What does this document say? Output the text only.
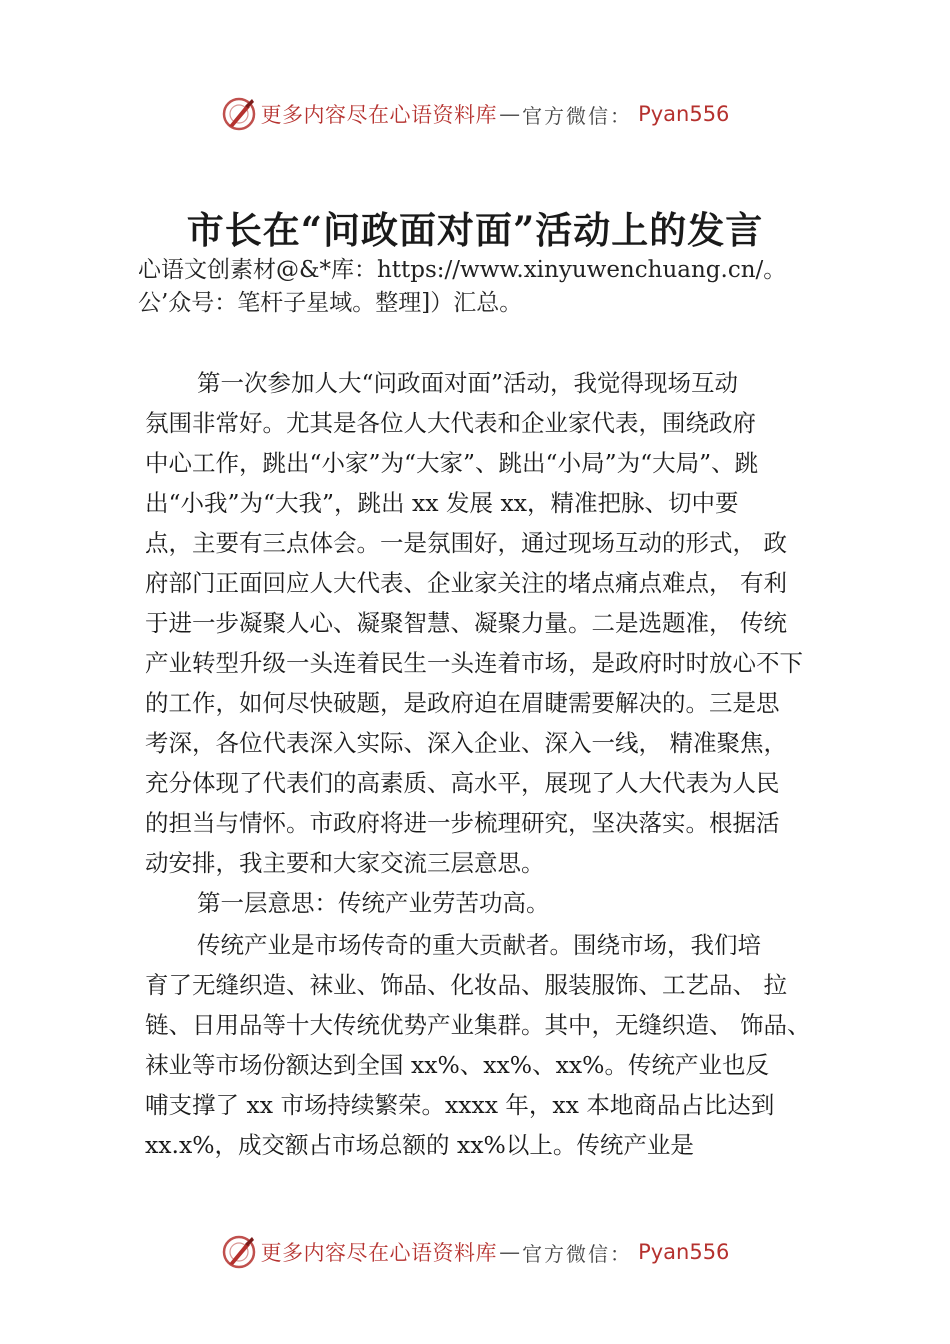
更多内容尽在心语资料库 — 官方微信： Pyan556
市长在“问政面对面”活动上的发言
心语文创素材@&*库：https://www.xinyuwenchuang.cn/。
公’众号：笔杆子星域。整理]）汇总。
第一次参加人大“问政面对面”活动，我觉得现场互动
氛围非常好。尤其是各位人大代表和企业家代表，围绕政府
中心工作，跳出“小家”为“大家”、跳出“小局”为“大局”、跳
出“小我”为“大我”，跳出 xx 发展 xx，精准把脉、切中要
点，主要有三点体会。一是氛围好，通过现场互动的形式， 政
府部门正面回应人大代表、企业家关注的堵点痛点难点， 有利
于进一步凝聚人心、凝聚智慧、凝聚力量。二是选题准， 传统
产业转型升级一头连着民生一头连着市场，是政府时时放心不下
的工作，如何尽快破题，是政府迫在眉睫需要解决的。三是思
考深，各位代表深入实际、深入企业、深入一线， 精准聚焦，
充分体现了代表们的高素质、高水平，展现了人大代表为人民
的担当与情怀。市政府将进一步梳理研究，坚决落实。根据活
动安排，我主要和大家交流三层意思。
第一层意思：传统产业劳苦功高。
传统产业是市场传奇的重大贡献者。围绕市场，我们培
育了无缝织造、袜业、饰品、化妆品、服装服饰、工艺品、 拉
链、日用品等十大传统优势产业集群。其中，无缝织造、 饰品、
袜业等市场份额达到全国 xx%、xx%、xx%。传统产业也反
哺支撑了 xx 市场持续繁荣。xxxx 年，xx 本地商品占比达到
xx.x%，成交额占市场总额的 xx%以上。传统产业是
更多内容尽在心语资料库 — 官方微信： Pyan556
